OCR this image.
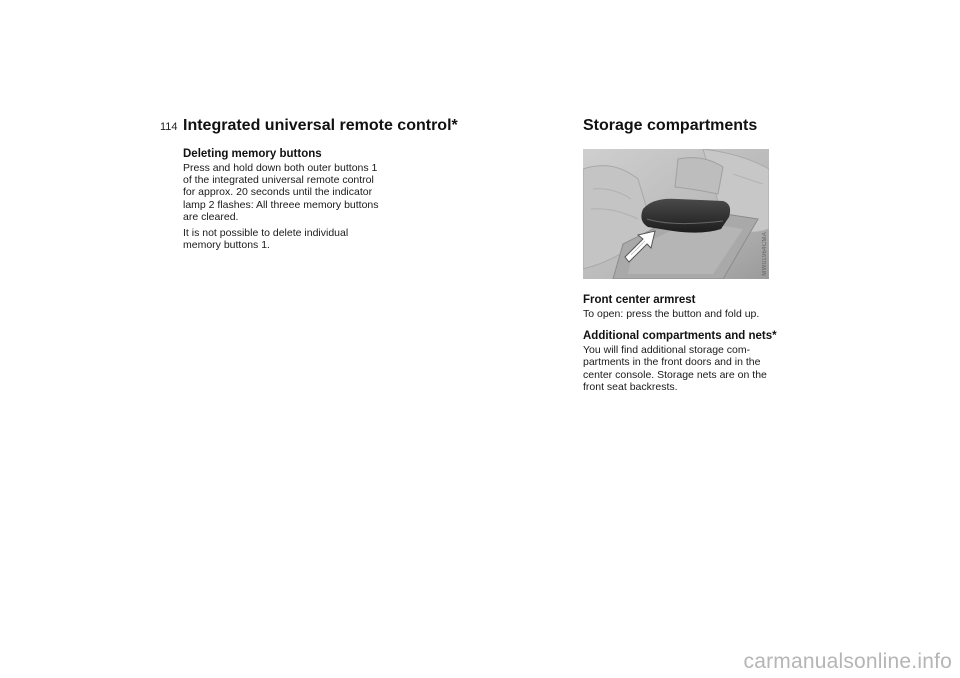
114 Integrated universal remote control*
Deleting memory buttons

Press and hold down both outer buttons 1 of the integrated universal remote control for approx. 20 seconds until the indicator lamp 2 flashes: All threee memory buttons are cleared.

It is not possible to delete individual memory buttons 1.

Storage compartments
MW01964CMA
Front center armrest

To open: press the button and fold up.

Additional compartments and nets*

You will find additional storage com-partments in the front doors and in the center console. Storage nets are on the front seat backrests.

carmanualsonline.info
